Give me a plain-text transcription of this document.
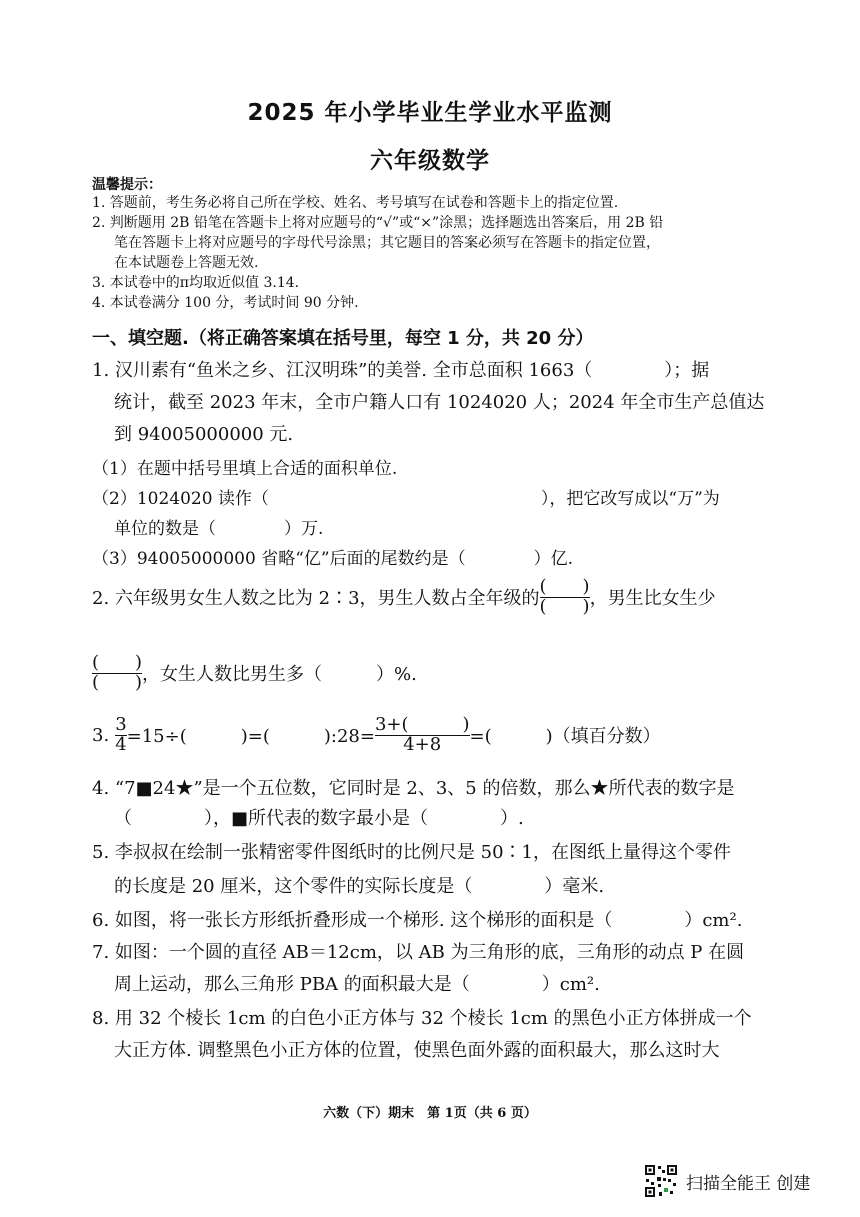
2025 年小学毕业生学业水平监测
六年级数学
温馨提示：
1. 答题前，考生务必将自己所在学校、姓名、考号填写在试卷和答题卡上的指定位置.
2. 判断题用 2B 铅笔在答题卡上将对应题号的“√”或“×”涂黑；选择题选出答案后，用 2B 铅
笔在答题卡上将对应题号的字母代号涂黑；其它题目的答案必须写在答题卡的指定位置，
在本试题卷上答题无效.
3. 本试卷中的π均取近似值 3.14.
4. 本试卷满分 100 分，考试时间 90 分钟.
一、填空题.（将正确答案填在括号里，每空 1 分，共 20 分）
1. 汉川素有“鱼米之乡、江汉明珠”的美誉. 全市总面积 1663（　　　　）；据
统计，截至 2023 年末，全市户籍人口有 1024020 人；2024 年全市生产总值达
到 94005000000 元.
（1）在题中括号里填上合适的面积单位.
（2）1024020 读作（　　　　　　　　　　　　　　　　），把它改写成以“万”为
单位的数是（　　　　）万.
（3）94005000000 省略“亿”后面的尾数约是（　　　　）亿.
2. 六年级男女生人数之比为 2∶3，男生人数占全年级的 $\frac{( )}{( )}$ ，男生比女生少
$\frac{( )}{( )}$ ，女生人数比男生多（　　　）%.
3. $\frac{3}{4} =15\div$(　　　)=(　　　):28= $\frac{3+( )}{4+8}$ =(　　　)（填百分数）
4. “7■24★”是一个五位数，它同时是 2、3、5 的倍数，那么★所代表的数字是
（　　　　），■所代表的数字最小是（　　　　）.
5. 李叔叔在绘制一张精密零件图纸时的比例尺是 50∶1，在图纸上量得这个零件
的长度是 20 厘米，这个零件的实际长度是（　　　　）毫米.
6. 如图，将一张长方形纸折叠形成一个梯形. 这个梯形的面积是（　　　　）cm².
7. 如图：一个圆的直径 AB＝12cm，以 AB 为三角形的底，三角形的动点 P 在圆
周上运动，那么三角形 PBA 的面积最大是（　　　　）cm².
8. 用 32 个棱长 1cm 的白色小正方体与 32 个棱长 1cm 的黑色小正方体拼成一个
大正方体. 调整黑色小正方体的位置，使黑色面外露的面积最大，那么这时大
六数（下）期末　第 1页（共 6 页）
扫描全能王 创建
